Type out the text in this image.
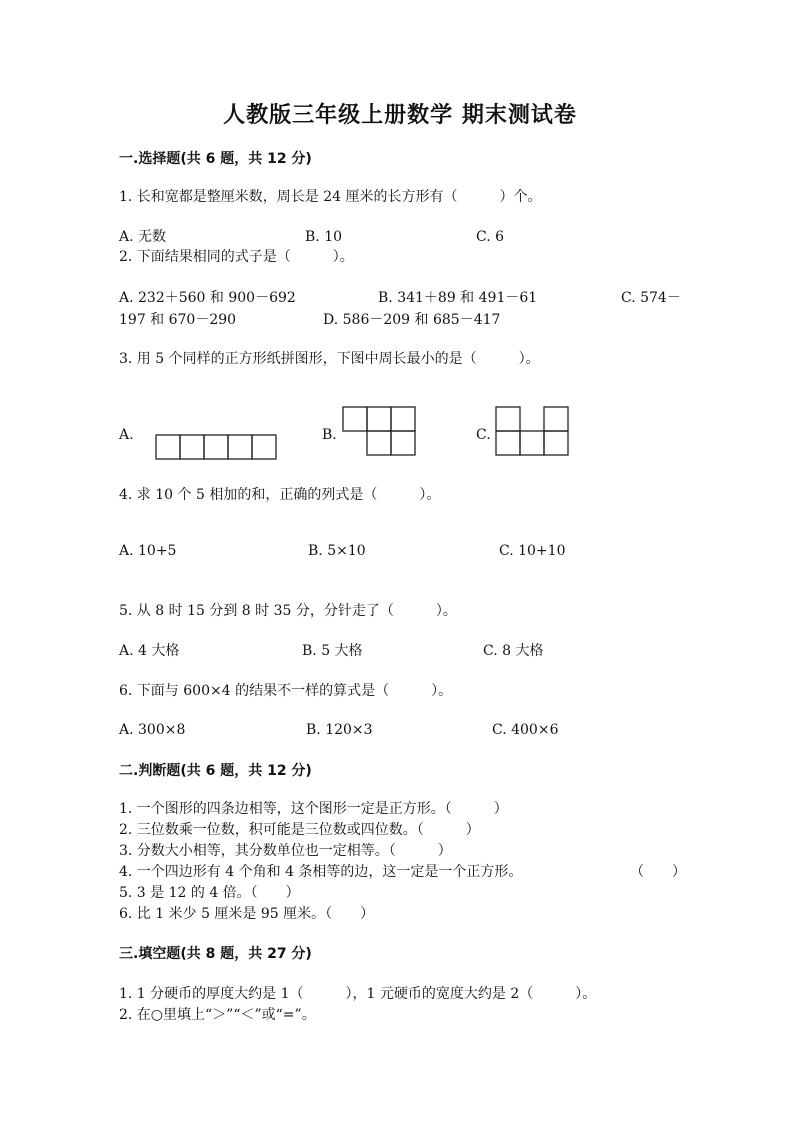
人教版三年级上册数学 期末测试卷
一.选择题(共 6 题，共 12 分)
1. 长和宽都是整厘米数，周长是 24 厘米的长方形有（　　　）个。
A. 无数	B. 10	C. 6
2. 下面结果相同的式子是（　　　）。
A. 232＋560 和 900－692	B. 341＋89 和 491－61	C. 574－
197 和 670－290	D. 586－209 和 685－417
3. 用 5 个同样的正方形纸拼图形，下图中周长最小的是（　　　）。
A.	B.	C.
4. 求 10 个 5 相加的和，正确的列式是（　　　）。
A. 10+5	B. 5×10	C. 10+10
5. 从 8 时 15 分到 8 时 35 分，分针走了（　　　）。
A. 4 大格	B. 5 大格	C. 8 大格
6. 下面与 600×4 的结果不一样的算式是（　　　）。
A. 300×8	B. 120×3	C. 400×6
二.判断题(共 6 题，共 12 分)
1. 一个图形的四条边相等，这个图形一定是正方形。（　　　）
2. 三位数乘一位数，积可能是三位数或四位数。（　　　）
3. 分数大小相等，其分数单位也一定相等。（　　　）
4. 一个四边形有 4 个角和 4 条相等的边，这一定是一个正方形。	（　　）
5. 3 是 12 的 4 倍。（　　）
6. 比 1 米少 5 厘米是 95 厘米。（　　）
三.填空题(共 8 题，共 27 分)
1. 1 分硬币的厚度大约是 1（　　　），1 元硬币的宽度大约是 2（　　　）。
2. 在○里填上“＞”“＜”或“=”。
